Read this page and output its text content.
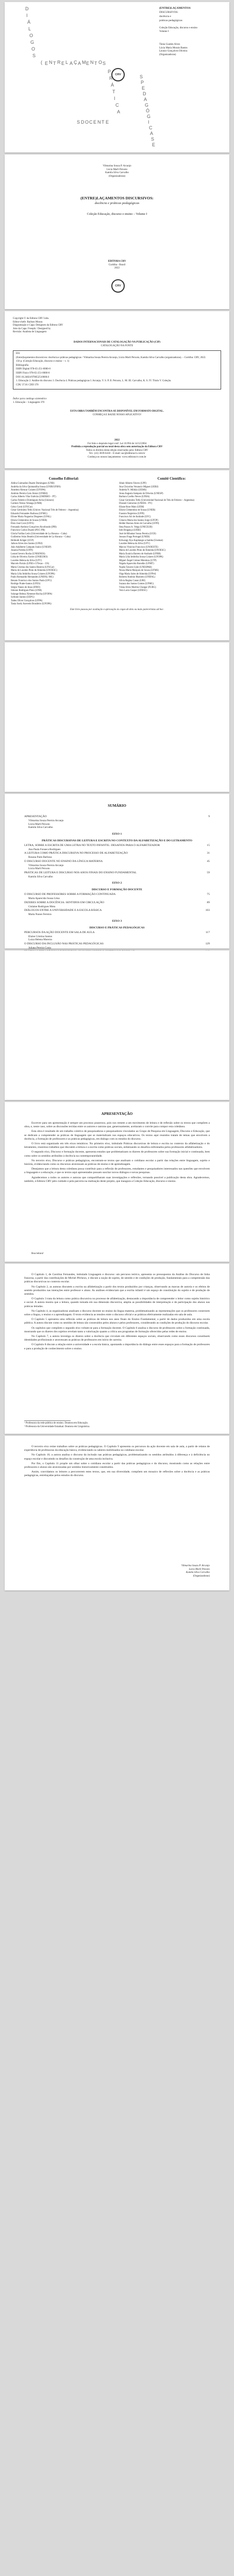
D
I
Á
L
O
G
O
S
( E N T R E L A Ç A M E N T O S
P
R
Á
T
I
C
A
S D O C E N T E
S
P
E
D
A
G
Ó
G
I
C
A
S
E
(ENTRE)LAÇAMENTOS
DISCURSIVOS:
docência e
práticas pedagógicas
Coleção Educação, discurso e ensino
Volume I
Tânia Guedes Alves
Lúcia Maria Morais Bastos
Leonor Gonçalves Oliveira
(Organizadoras)
CRV
Vilmarina Souza P. Arcanjo
Lúcia Marli Peixoto
Kamila Silva Carvalho
(Organizadoras)
(ENTRE)LAÇAMENTOS DISCURSIVOS:
docência e práticas pedagógicas
Coleção Educação, discurso e ensino – Volume I
EDITORA CRV
Curitiba - Brasil
2022
CRV
Copyright © da Editora CRV Ltda.
Editor-chefe: Railson Moura
Diagramação e Capa: Designers da Editora CRV
Arte da Capa: Freepik / Designed by
Revisão: Analista de Linguagem
DADOS INTERNACIONAIS DE CATALOGAÇÃO NA PUBLICAÇÃO (CIP)
CATALOGAÇÃO NA FONTE
E61
(Entre)laçamentos discursivos: docência e práticas pedagógicas / Vilmarina Souza Pereira Arcanjo, Lúcia Marli Peixoto, Kamila Silva Carvalho (organizadoras). – Curitiba: CRV, 2022.
156 p. (Coleção Educação, discurso e ensino – v. 1)
Bibliografia
ISBN Digital 978-65-251-0000-0
ISBN Físico 978-65-251-0000-0
DOI 10.24824/978652510000.0
1. Educação 2. Análise do discurso 3. Docência 4. Práticas pedagógicas I. Arcanjo, V. S. P. II. Peixoto, L. M. III. Carvalho, K. S. IV. Título V. Coleção.
CDU 37.01 CDD 370
Índice para catálogo sistemático
1. Educação – Linguagem 370
ESTA OBRA TAMBÉM ENCONTRA-SE DISPONÍVEL EM FORMATO DIGITAL.
CONHEÇA E BAIXE NOSSO APLICATIVO!
2022
Foi feito o depósito legal conf. Lei 10.994 de 14/12/2004
Proibida a reprodução parcial ou total desta obra sem autorização da Editora CRV
Todos os direitos desta edição reservados pela: Editora CRV
Tel.: (41) 3039-6418 – E-mail: sac@editoracrv.com.br
Conheça os nossos lançamentos: www.editoracrv.com.br
Conselho Editorial:
Aldira Guimarães Duarte Domínguez (UNB)
Andréia da Silva Quintanilha Sousa (UNIR/UFRN)
Anselmo Alencar Colares (UFOPA)
Antônio Pereira Gaio Júnior (UFRRJ)
Carlos Alberto Vilar Estêvão (UMINHO – PT)
Carlos Federico Domínguez Avila (Unieuro)
Carmen Tereza Velanga (UNIR)
Celso Conti (UFSCar)
Cesar Gerónimo Tello (Univer. Nacional Três de Febrero – Argentina)
Eduardo Fernandes Barbosa (UFMG)
Elione Maria Nogueira Diogenes (UFAL)
Elizeu Clementino de Souza (UNEB)
Élsio José Corá (UFFS)
Fernando Antônio Gonçalves Alcoforado (IPB)
Francisco Carlos Duarte (PUC-PR)
Gloria Fariñas León (Universidade de La Havana – Cuba)
Guillermo Arias Beatón (Universidade de La Havana – Cuba)
Helmuth Krüger (UCP)
Jailson Alves dos Santos (UFRJ)
João Adalberto Campato Junior (UNESP)
Josania Portela (UFPI)
Leonel Severo Rocha (UNISINOS)
Lídia de Oliveira Xavier (UNIEURO)
Lourdes Helena da Silva (UFV)
Marcelo Paixão (UFRJ e UTexas – US)
Maria Cristina dos Santos Bezerra (UFSCar)
Maria de Lourdes Pinto de Almeida (UNOESC)
Maria Lília Imbiriba Sousa Colares (UFOPA)
Paulo Romualdo Hernandes (UNIFAL-MG)
Renato Francisco dos Santos Paula (UFG)
Rodrigo Pratte-Santos (UFES)
Sérgio Nunes de Jesus (IFRO)
Simone Rodrigues Pinto (UNB)
Solange Helena Ximenes-Rocha (UFOPA)
Sydione Santos (UEPG)
Tadeu Oliver Gonçalves (UFPA)
Tania Suely Azevedo Brasileiro (UFOPA)
Comitê Científico:
Altair Alberto Fávero (UPF)
Ana Chrystina Venancio Mignot (UERJ)
Andréia N. Militão (UEMS)
Anna Augusta Sampaio de Oliveira (UNESP)
Barbara Coelho Neves (UFBA)
Cesar Gerónimo Tello (Universidad Nacional de Três de Febrero – Argentina)
Diosnel Centurion (UNIDA – PY)
Eliane Rose Maio (UEM)
Elizeu Clementino de Souza (UNEB)
Fauston Negreiros (UFPI)
Francisco Ari de Andrade (UFC)
Gláucia Maria dos Santos Jorge (UFOP)
Helder Buenos Aires de Carvalho (UFPI)
Ilma Passos A. Veiga (UNICEUB)
Inês Bragança (UERJ)
José de Ribamar Sousa Pereira (UCB)
Jussara Fraga Portugal (UNEB)
Kilwangy Kya Kapitango-a-Samba (Unemat)
Lourdes Helena da Silva (UFV)
Marcos Vinicius Francisco (UNOESTE)
Maria de Lourdes Pinto de Almeida (UNOESC)
Maria Eurácia Barreto de Andrade (UFRB)
Maria Lília Imbiriba Sousa Colares (UFOPA)
Míguel Ángel Gómez Mendoza (UTP)
Nágela Aparecida Brandão (UFMT)
Najela Tavares Ujiie (UNESPAR)
Neusa Maria Marques de Souza (UFMS)
Olga Maria Sales de Almeida (UFPel)
Roberto Antônio Mariotto (UNIFAL)
Sílvia Regina Canan (URI)
Suzana dos Santos Gomes (UFMG)
Vânia Alves Martins Chaigar (FURG)
Vera Lucia Gaspar (UDESC)
Este livro passou por avaliação e aprovação às cegas de dois ou mais pareceristas ad hoc.
SUMÁRIO
APRESENTAÇÃO	9
Vilmarina Souza Pereira Arcanjo
Lúcia Marli Peixoto
Kamila Silva Carvalho
EIXO 1
PRÁTICAS DISCURSIVAS DE LEITURA E ESCRITA NO CONTEXTO DA ALFABETIZAÇÃO E DO LETRAMENTO
LETRA, SOBRE A ESCRITA DE UMA LETRA NO TEXTO INFANTIL: DESAFIOS PARA O ALFABETIZADOR	15
Ana Paula Fonseca Rodrigues
A LEITURA COMO PRÁTICA DISCURSIVA NO PROCESSO DE ALFABETIZAÇÃO	31
Rosana Paim Barbosa
O DISCURSO DOCENTE NO ENSINO DA LÍNGUA MATERNA	45
Vilmarina Souza Pereira Arcanjo
Lúcia Marli Peixoto
PRÁTICAS DE LEITURA E DISCURSO NOS ANOS FINAIS DO ENSINO FUNDAMENTAL	59
Kamila Silva Carvalho
EIXO 2
DISCURSO E FORMAÇÃO DOCENTE
O DISCURSO DE PROFESSORES SOBRE A FORMAÇÃO CONTINUADA	75
Maria Aparecida Sousa Lima
DIZERES SOBRE A DOCÊNCIA: SENTIDOS EM CIRCULAÇÃO	89
Gislaine Rodrigues Mota
DIÁLOGOS ENTRE A UNIVERSIDADE E A ESCOLA BÁSICA	103
Marta Nunes Ferreira
EIXO 3
DISCURSO E PRÁTICAS PEDAGÓGICAS
PERCURSOS DA AÇÃO DOCENTE EM SALA DE AULA	117
Elaine Cristina Santos
Luiza Helena Moreira
O DISCURSO DA INCLUSÃO NAS PRÁTICAS PEDAGÓGICAS	129
Juliana Pereira Costa
APRESENTAÇÃO

Escrever para um apresentação é sempre um processo prazeroso, pois nos remete a um movimento de leitura e de reflexão sobre os textos que compõem a obra, e, neste caso, sobre as discussões tecidas entre os autores e autoras que, generosamente, aceitaram o convite para compor esta coletânea.

Esta obra é resultado de um trabalho coletivo de pesquisadoras e pesquisadores vinculados ao Grupo de Pesquisa em Linguagem, Discurso e Educação, que se dedicam a compreender as práticas de linguagem que se materializam nos espaços educativos. Os textos aqui reunidos tratam de temas que envolvem a docência, a formação de professores e as práticas pedagógicas, em diálogo com os estudos do discurso.

O livro está organizado em três eixos temáticos. No primeiro eixo, intitulado Práticas discursivas de leitura e escrita no contexto da alfabetização e do letramento, reunimos trabalhos que discutem a leitura e a escrita como práticas sociais, enfatizando os desafios enfrentados pelos professores alfabetizadores.

O segundo eixo, Discurso e formação docente, apresenta estudos que problematizam os dizeres de professores sobre sua formação inicial e continuada, bem como sobre os sentidos atribuídos à docência na contemporaneidade.

No terceiro eixo, Discurso e práticas pedagógicas, encontram-se textos que analisam o cotidiano escolar a partir das relações entre linguagem, sujeito e história, evidenciando como os discursos atravessam as práticas de ensino e de aprendizagem.

Desejamos que a leitura desta coletânea possa contribuir para a reflexão de professores, estudantes e pesquisadores interessados nas questões que envolvem a linguagem e a educação, e que os textos aqui apresentados possam suscitar novos diálogos e novas pesquisas.

Agradecemos a todos os autores e autoras que compartilharam suas investigações e reflexões, tornando possível a publicação desta obra. Agradecemos, também, à Editora CRV pelo cuidado e pela parceria na realização deste projeto, que inaugura a Coleção Educação, discurso e ensino.

Boa leitura!

O Capítulo 1, de Carolina Fernandes, intitulado Linguagem e discurso: um percurso teórico, apresenta os pressupostos da Análise do Discurso de linha francesa, a partir das contribuições de Michel Pêcheux, e discute a noção de sujeito, de sentido e de condições de produção, fundamentais para a compreensão das práticas discursivas no contexto escolar.

No Capítulo 2, as autoras discutem a escrita na alfabetização a partir dos textos produzidos por crianças, observando as marcas de autoria e os efeitos de sentido produzidos nas interações entre professor e aluno. As análises evidenciam que a escrita infantil é um espaço de constituição do sujeito e de produção de sentidos.

O Capítulo 3 trata da leitura como prática discursiva no processo de alfabetização, destacando a importância de compreender o leitor como sujeito histórico e social. A autora mostra que a leitura, quando tomada em sua dimensão discursiva, amplia as possibilidades de interpretação e de participação dos alunos nas práticas letradas.

No Capítulo 4, as organizadoras analisam o discurso docente no ensino da língua materna, problematizando as representações que os professores constroem sobre a língua, o ensino e a aprendizagem. O texto evidencia as tensões entre o discurso oficial e as práticas efetivamente realizadas em sala de aula.

O Capítulo 5 apresenta uma reflexão sobre as práticas de leitura nos anos finais do Ensino Fundamental, a partir de dados produzidos em uma escola pública. A autora discute como os sentidos de leitura são construídos pelos alunos e pelos professores, considerando as condições de produção do discurso escolar.

Os capítulos que compõem o segundo eixo voltam-se para a formação docente. O Capítulo 6 analisa o discurso de professores sobre a formação continuada, mostrando que os dizeres dos sujeitos revelam tanto a valorização quanto a crítica aos programas de formação oferecidos pelas redes de ensino.

No Capítulo 7, a autora investiga os dizeres sobre a docência que circulam em diferentes espaços sociais, observando como esses discursos constituem identidades profissionais e atravessam as práticas de professores em início de carreira.

O Capítulo 8 discute a relação entre a universidade e a escola básica, apontando a importância do diálogo entre esses espaços para a formação de professores e para a produção de conhecimento sobre o ensino.

¹ Professora da rede pública de ensino. Doutora em Educação.
² Professora da Universidade Estadual. Doutora em Linguística.

O terceiro eixo reúne trabalhos sobre as práticas pedagógicas. O Capítulo 9 apresenta os percursos da ação docente em sala de aula, a partir de relatos de experiência de professoras da educação básica, evidenciando os saberes mobilizados no cotidiano escolar.

No Capítulo 10, a autora analisa o discurso da inclusão nas práticas pedagógicas, problematizando os sentidos atribuídos à diferença e à deficiência no espaço escolar e discutindo os desafios da construção de uma escola inclusiva.

Por fim, o Capítulo 11 propõe um olhar sobre o cotidiano escolar a partir das práticas pedagógicas e do discurso, mostrando como as relações entre professores e alunos são atravessadas por sentidos historicamente constituídos.

Assim, convidamos os leitores a percorrerem estes textos, que, em sua diversidade, compõem um mosaico de reflexões sobre a docência e as práticas pedagógicas, entrelaçadas pelos estudos do discurso.

Vilmarina Souza P. Arcanjo
Lúcia Marli Peixoto
Kamila Silva Carvalho
(Organizadoras)
